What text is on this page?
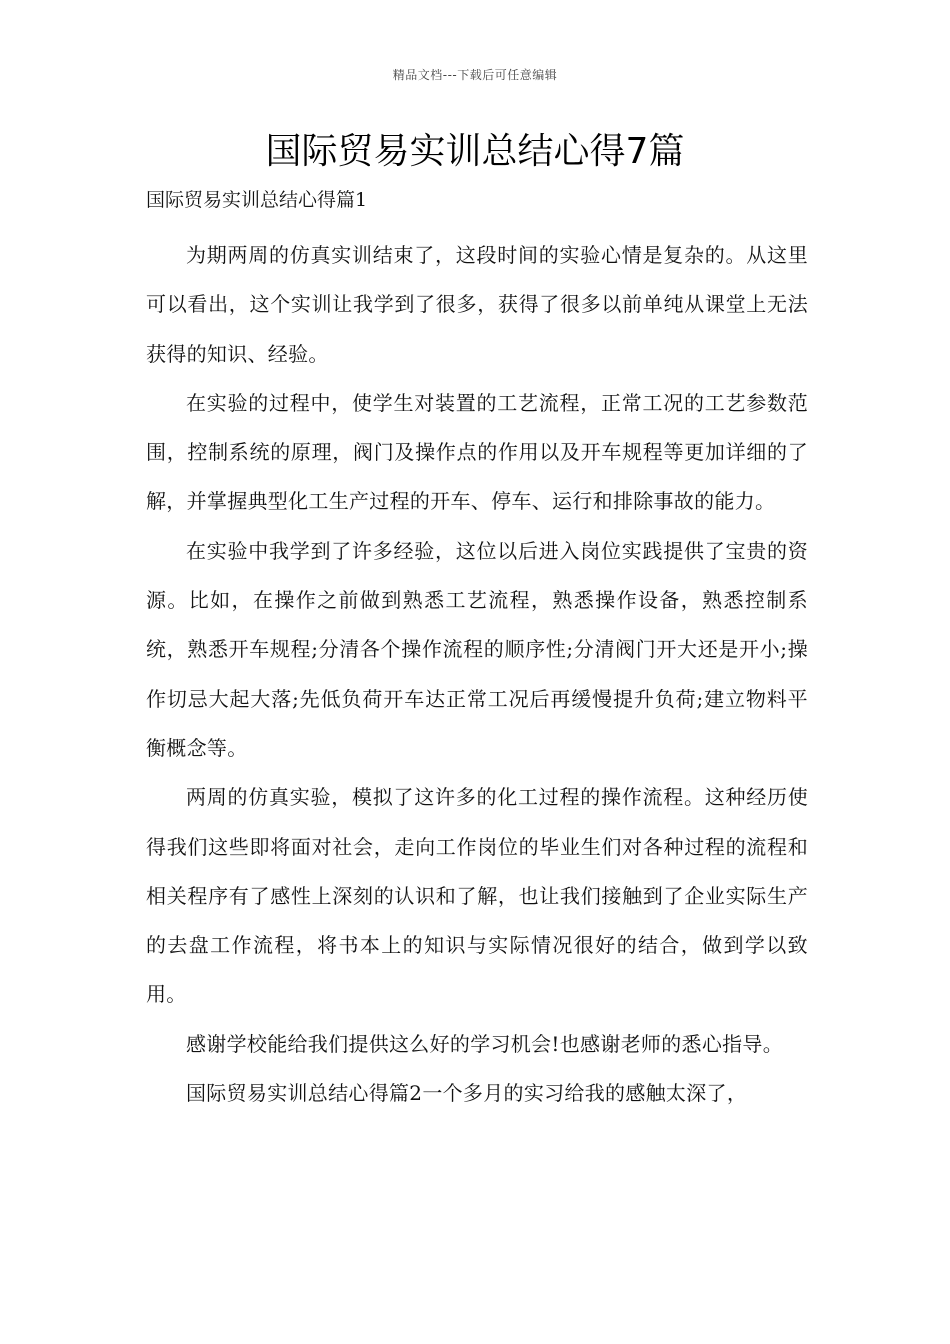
精品文档---下载后可任意编辑
国际贸易实训总结心得7篇
国际贸易实训总结心得篇1

为期两周的仿真实训结束了，这段时间的实验心情是复杂的。从这里可以看出，这个实训让我学到了很多，获得了很多以前单纯从课堂上无法获得的知识、经验。

在实验的过程中，使学生对装置的工艺流程，正常工况的工艺参数范围，控制系统的原理，阀门及操作点的作用以及开车规程等更加详细的了解，并掌握典型化工生产过程的开车、停车、运行和排除事故的能力。

在实验中我学到了许多经验，这位以后进入岗位实践提供了宝贵的资源。比如，在操作之前做到熟悉工艺流程，熟悉操作设备，熟悉控制系统，熟悉开车规程;分清各个操作流程的顺序性;分清阀门开大还是开小;操作切忌大起大落;先低负荷开车达正常工况后再缓慢提升负荷;建立物料平衡概念等。

两周的仿真实验，模拟了这许多的化工过程的操作流程。这种经历使得我们这些即将面对社会，走向工作岗位的毕业生们对各种过程的流程和相关程序有了感性上深刻的认识和了解，也让我们接触到了企业实际生产的去盘工作流程，将书本上的知识与实际情况很好的结合，做到学以致用。

感谢学校能给我们提供这么好的学习机会!也感谢老师的悉心指导。

国际贸易实训总结心得篇2一个多月的实习给我的感触太深了，
